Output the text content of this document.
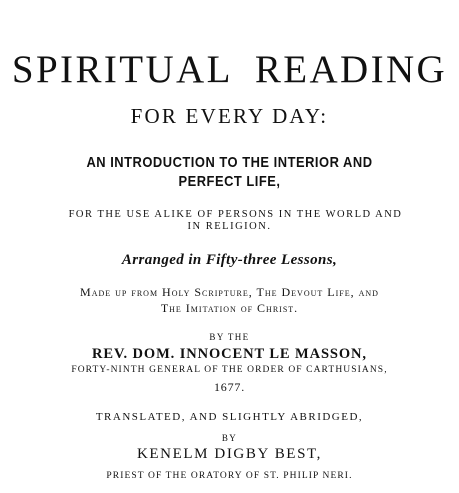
SPIRITUAL READING

FOR EVERY DAY:

AN INTRODUCTION TO THE INTERIOR AND

PERFECT LIFE,

FOR THE USE ALIKE OF PERSONS IN THE WORLD AND

IN RELIGION.

Arranged in Fifty-three Lessons,

Made up from Holy Scripture, The Devout Life, and

The Imitation of Christ.

BY THE

REV. DOM. INNOCENT LE MASSON,

FORTY-NINTH GENERAL OF THE ORDER OF CARTHUSIANS,

1677.

TRANSLATED, AND SLIGHTLY ABRIDGED,

BY

KENELM DIGBY BEST,

PRIEST OF THE ORATORY OF ST. PHILIP NERI.
